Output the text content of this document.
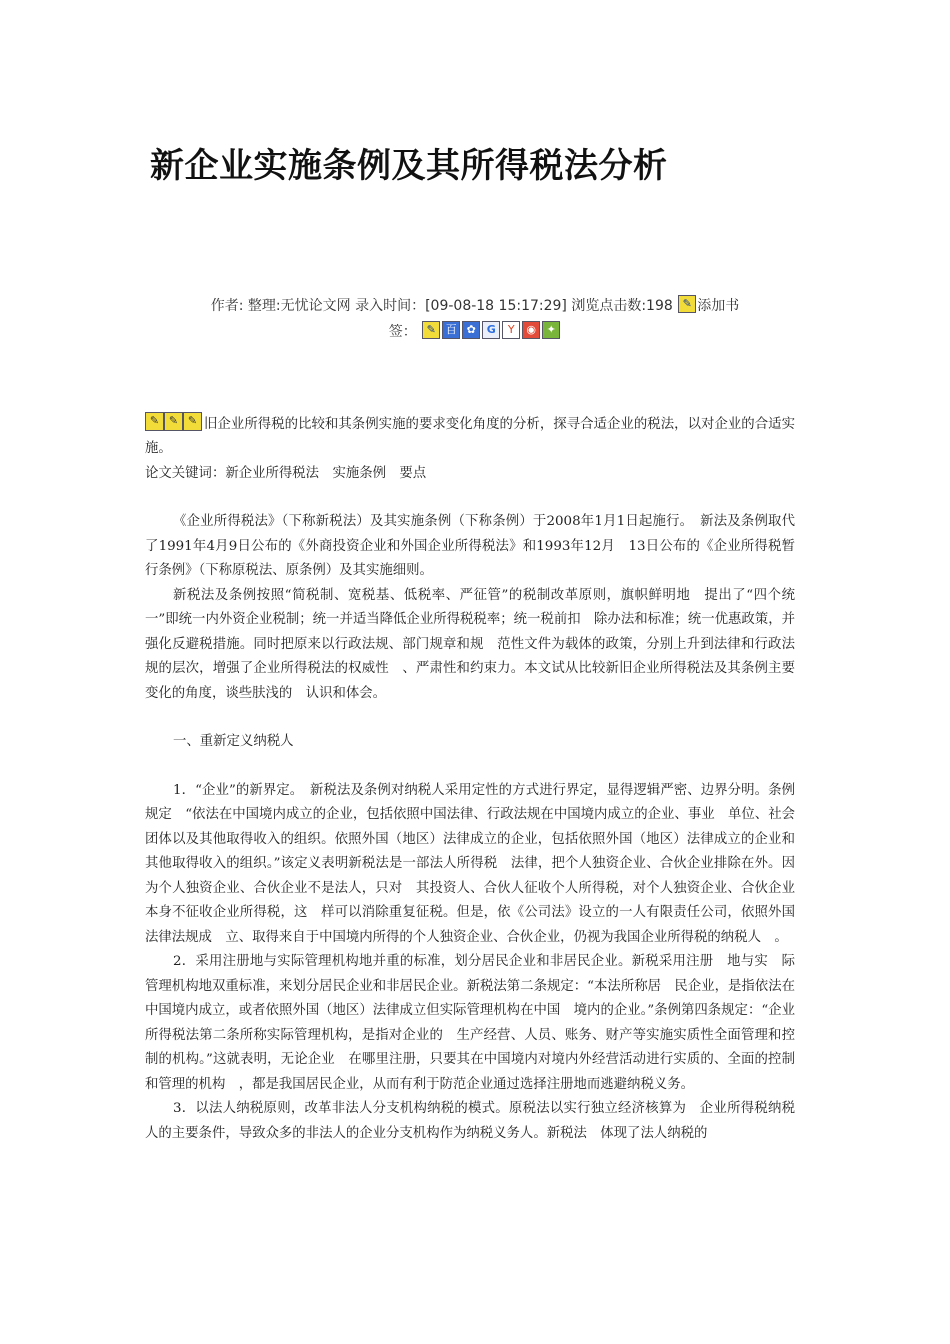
新企业实施条例及其所得税法分析
作者: 整理:无忧论文网 录入时间：[09-08-18 15:17:29] 浏览点击数:198 ✎ 添加书
签： ✎ 百 ✿ G Y ◉ ✦

✎ ✎ ✎ 旧企业所得税的比较和其条例实施的要求变化角度的分析，探寻合适企业的税法，以对企业的合适实施。

论文关键词：新企业所得税法　实施条例　要点

《企业所得税法》（下称新税法）及其实施条例（下称条例）于2008年1月1日起施行。　新法及条例取代了1991年4月9日公布的《外商投资企业和外国企业所得税法》和1993年12月　13日公布的《企业所得税暂行条例》（下称原税法、原条例）及其实施细则。

新税法及条例按照“简税制、宽税基、低税率、严征管”的税制改革原则，旗帜鲜明地　提出了“四个统一”即统一内外资企业税制；统一并适当降低企业所得税税率；统一税前扣　除办法和标准；统一优惠政策，并强化反避税措施。同时把原来以行政法规、部门规章和规　范性文件为载体的政策，分别上升到法律和行政法规的层次，增强了企业所得税法的权威性　、严肃性和约束力。本文试从比较新旧企业所得税法及其条例主要变化的角度，谈些肤浅的　认识和体会。

一、重新定义纳税人

1．“企业”的新界定。　新税法及条例对纳税人采用定性的方式进行界定，显得逻辑严密、边界分明。条例规定　“依法在中国境内成立的企业，包括依照中国法律、行政法规在中国境内成立的企业、事业　单位、社会团体以及其他取得收入的组织。依照外国（地区）法律成立的企业，包括依照外国（地区）法律成立的企业和其他取得收入的组织。”该定义表明新税法是一部法人所得税　法律，把个人独资企业、合伙企业排除在外。因为个人独资企业、合伙企业不是法人，只对　其投资人、合伙人征收个人所得税，对个人独资企业、合伙企业本身不征收企业所得税，这　样可以消除重复征税。但是，依《公司法》设立的一人有限责任公司，依照外国法律法规成　立、取得来自于中国境内所得的个人独资企业、合伙企业，仍视为我国企业所得税的纳税人　。

2．采用注册地与实际管理机构地并重的标准，划分居民企业和非居民企业。新税采用注册　地与实　际管理机构地双重标准，来划分居民企业和非居民企业。新税法第二条规定：“本法所称居　民企业，是指依法在中国境内成立，或者依照外国（地区）法律成立但实际管理机构在中国　境内的企业。”条例第四条规定：“企业所得税法第二条所称实际管理机构，是指对企业的　生产经营、人员、账务、财产等实施实质性全面管理和控制的机构。”这就表明，无论企业　在哪里注册，只要其在中国境内对境内外经营活动进行实质的、全面的控制和管理的机构　，都是我国居民企业，从而有利于防范企业通过选择注册地而逃避纳税义务。

3．以法人纳税原则，改革非法人分支机构纳税的模式。原税法以实行独立经济核算为　企业所得税纳税人的主要条件，导致众多的非法人的企业分支机构作为纳税义务人。新税法　体现了法人纳税的
